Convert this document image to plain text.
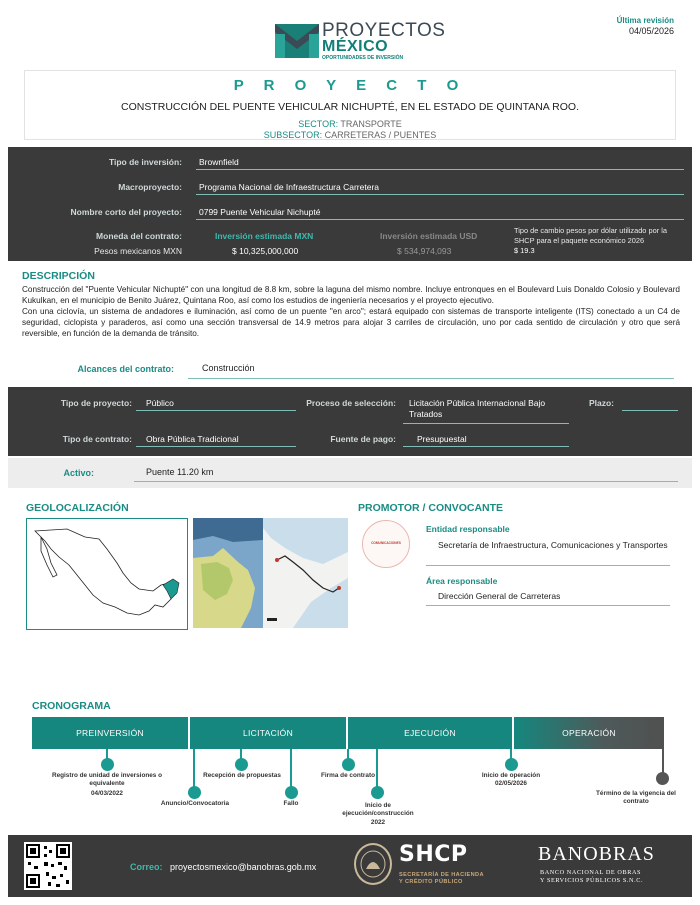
PROYECTOS
MÉXICO
OPORTUNIDADES DE INVERSIÓN
Última revisión
04/05/2026
P R O Y E C T O
CONSTRUCCIÓN DEL PUENTE VEHICULAR NICHUPTÉ, EN EL ESTADO DE QUINTANA ROO.
SECTOR: TRANSPORTE
SUBSECTOR: CARRETERAS / PUENTES
Tipo de inversión: Brownfield
Macroproyecto: Programa Nacional de Infraestructura Carretera
Nombre corto del proyecto: 0799 Puente Vehicular Nichupté
Moneda del contrato:
Pesos mexicanos MXN
Inversión estimada MXN
$ 10,325,000,000
Inversión estimada USD
$ 534,974,093
Tipo de cambio pesos por dólar utilizado por la SHCP para el paquete económico 2026
$ 19.3
DESCRIPCIÓN

Construcción del "Puente Vehicular Nichupté" con una longitud de 8.8 km, sobre la laguna del mismo nombre. Incluye entronques en el Boulevard Luis Donaldo Colosio y Boulevard Kukulkan, en el municipio de Benito Juárez, Quintana Roo, así como los estudios de ingeniería necesarios y el proyecto ejecutivo.

Con una ciclovía, un sistema de andadores e iluminación, así como de un puente "en arco"; estará equipado con sistemas de transporte inteligente (ITS) conectado a un C4 de seguridad, ciclopista y paraderos, así como una sección transversal de 14.9 metros para alojar 3 carriles de circulación, uno por cada sentido de circulación y otro que será reversible, en función de la demanda de tránsito.

Alcances del contrato:	Construcción
Tipo de proyecto: Público	Proceso de selección: Licitación Pública Internacional Bajo Tratados
Plazo:
Tipo de contrato: Obra Pública Tradicional	Fuente de pago: Presupuestal
Activo:	Puente 11.20 km
GEOLOCALIZACIÓN	PROMOTOR / CONVOCANTE
COMUNICACIONES
Entidad responsable
Secretaría de Infraestructura, Comunicaciones y Transportes
Área responsable
Dirección General de Carreteras
CRONOGRAMA
PREINVERSIÓN	LICITACIÓN	EJECUCIÓN	OPERACIÓN
Registro de unidad de inversiones o equivalente
04/03/2022
Anuncio/Convocatoria
Recepción de propuestas
Fallo
Firma de contrato
Inicio de ejecución/construcción
2022
Inicio de operación
02/05/2026
Término de la vigencia del contrato
Correo: proyectosmexico@banobras.gob.mx	SHCP
SECRETARÍA DE HACIENDA
Y CRÉDITO PÚBLICO
BANOBRAS
BANCO NACIONAL DE OBRAS
Y SERVICIOS PÚBLICOS S.N.C.
